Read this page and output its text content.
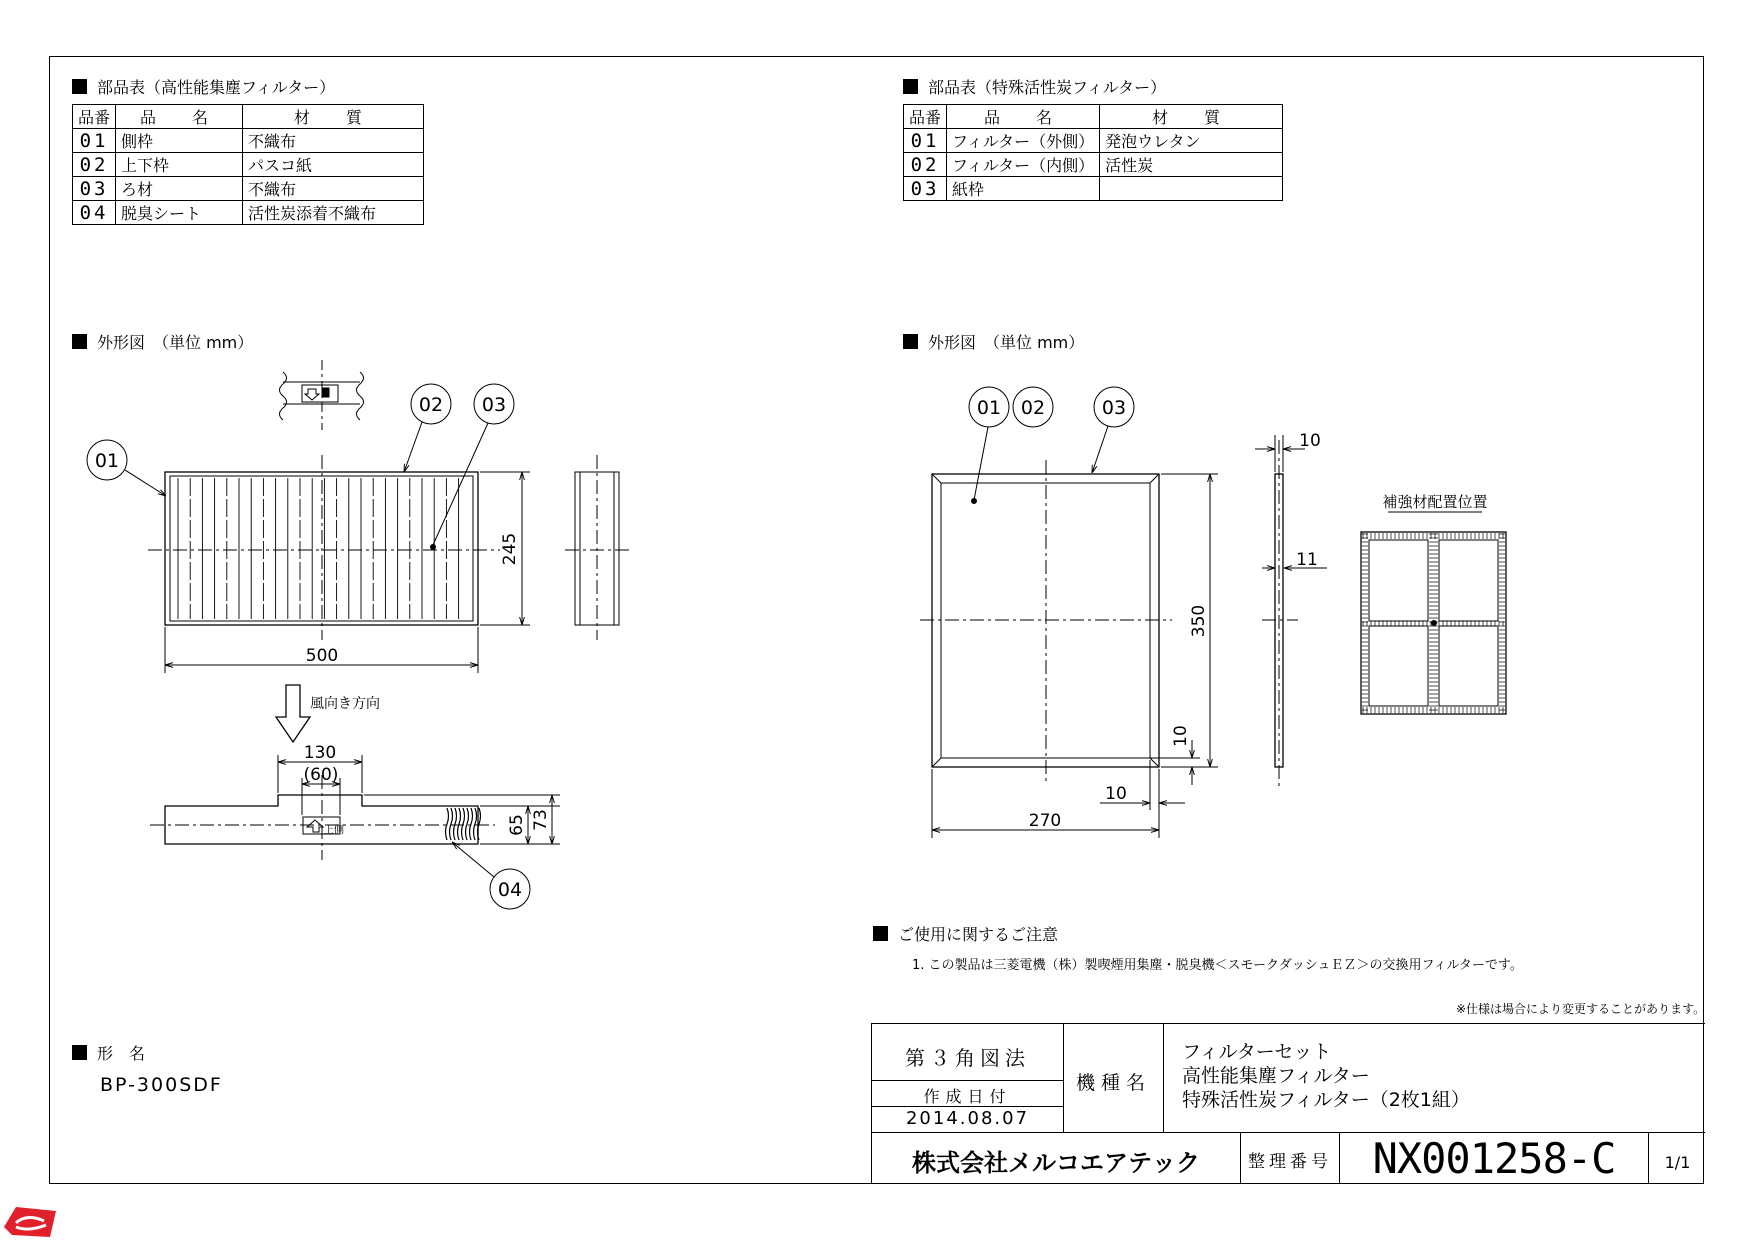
部品表（高性能集塵フィルター）
品番	品　名	材　質
01	側枠	不織布
02	上下枠	パスコ紙
03	ろ材	不織布
04	脱臭シート	活性炭添着不織布
部品表（特殊活性炭フィルター）
品番	品　名	材　質
01	フィルター（外側）	発泡ウレタン
02	フィルター（内側）	活性炭
03	紙枠	
外形図　（単位 mm）	外形図　（単位 mm）
01
02 03
04
01 02	03
500
245
130
(60)
65 73	270
350
10
11
10
10
風向き方向
上側
補強材配置位置
ご使用に関するご注意
1. この製品は三菱電機（株）製喫煙用集塵・脱臭機＜スモークダッシュＥＺ＞の交換用フィルターです。
※仕様は場合により変更することがあります。
形　名
BP-300SDF
第３角図法
作成日付
2014.08.07
機種名
フィルターセット
高性能集塵フィルター
特殊活性炭フィルター（2枚1組）
株式会社メルコエアテック	整理番号 NX001258-C	1/1
